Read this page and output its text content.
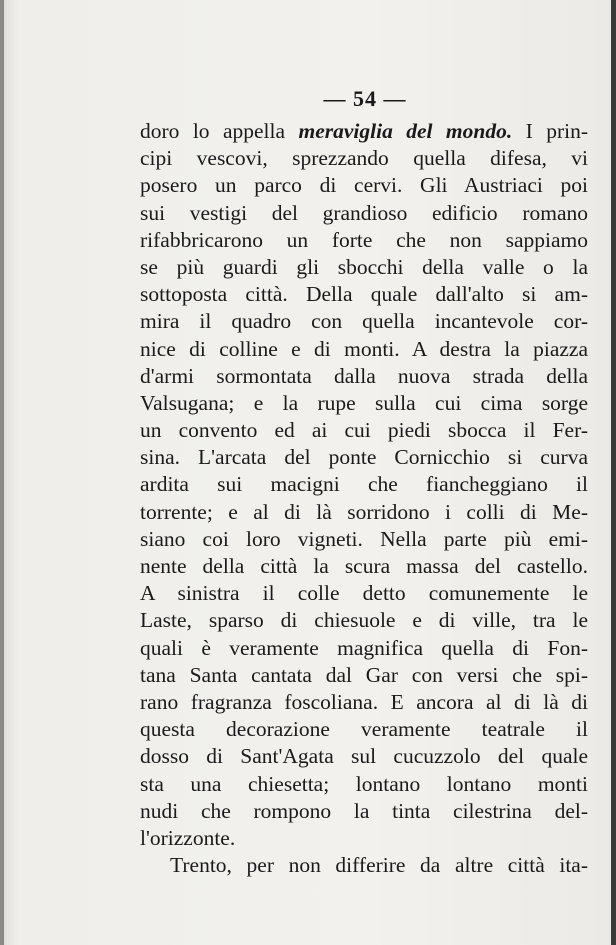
— 54 —
doro lo appella meraviglia del mondo. I prin-
cipi vescovi, sprezzando quella difesa, vi
posero un parco di cervi. Gli Austriaci poi
sui vestigi del grandioso edificio romano
rifabbricarono un forte che non sappiamo
se più guardi gli sbocchi della valle o la
sottoposta città. Della quale dall'alto si am-
mira il quadro con quella incantevole cor-
nice di colline e di monti. A destra la piazza
d'armi sormontata dalla nuova strada della
Valsugana; e la rupe sulla cui cima sorge
un convento ed ai cui piedi sbocca il Fer-
sina. L'arcata del ponte Cornicchio si curva
ardita sui macigni che fiancheggiano il
torrente; e al di là sorridono i colli di Me-
siano coi loro vigneti. Nella parte più emi-
nente della città la scura massa del castello.
A sinistra il colle detto comunemente le
Laste, sparso di chiesuole e di ville, tra le
quali è veramente magnifica quella di Fon-
tana Santa cantata dal Gar con versi che spi-
rano fragranza foscoliana. E ancora al di là di
questa decorazione veramente teatrale il
dosso di Sant'Agata sul cucuzzolo del quale
sta una chiesetta; lontano lontano monti
nudi che rompono la tinta cilestrina del-
l'orizzonte.
Trento, per non differire da altre città ita-
